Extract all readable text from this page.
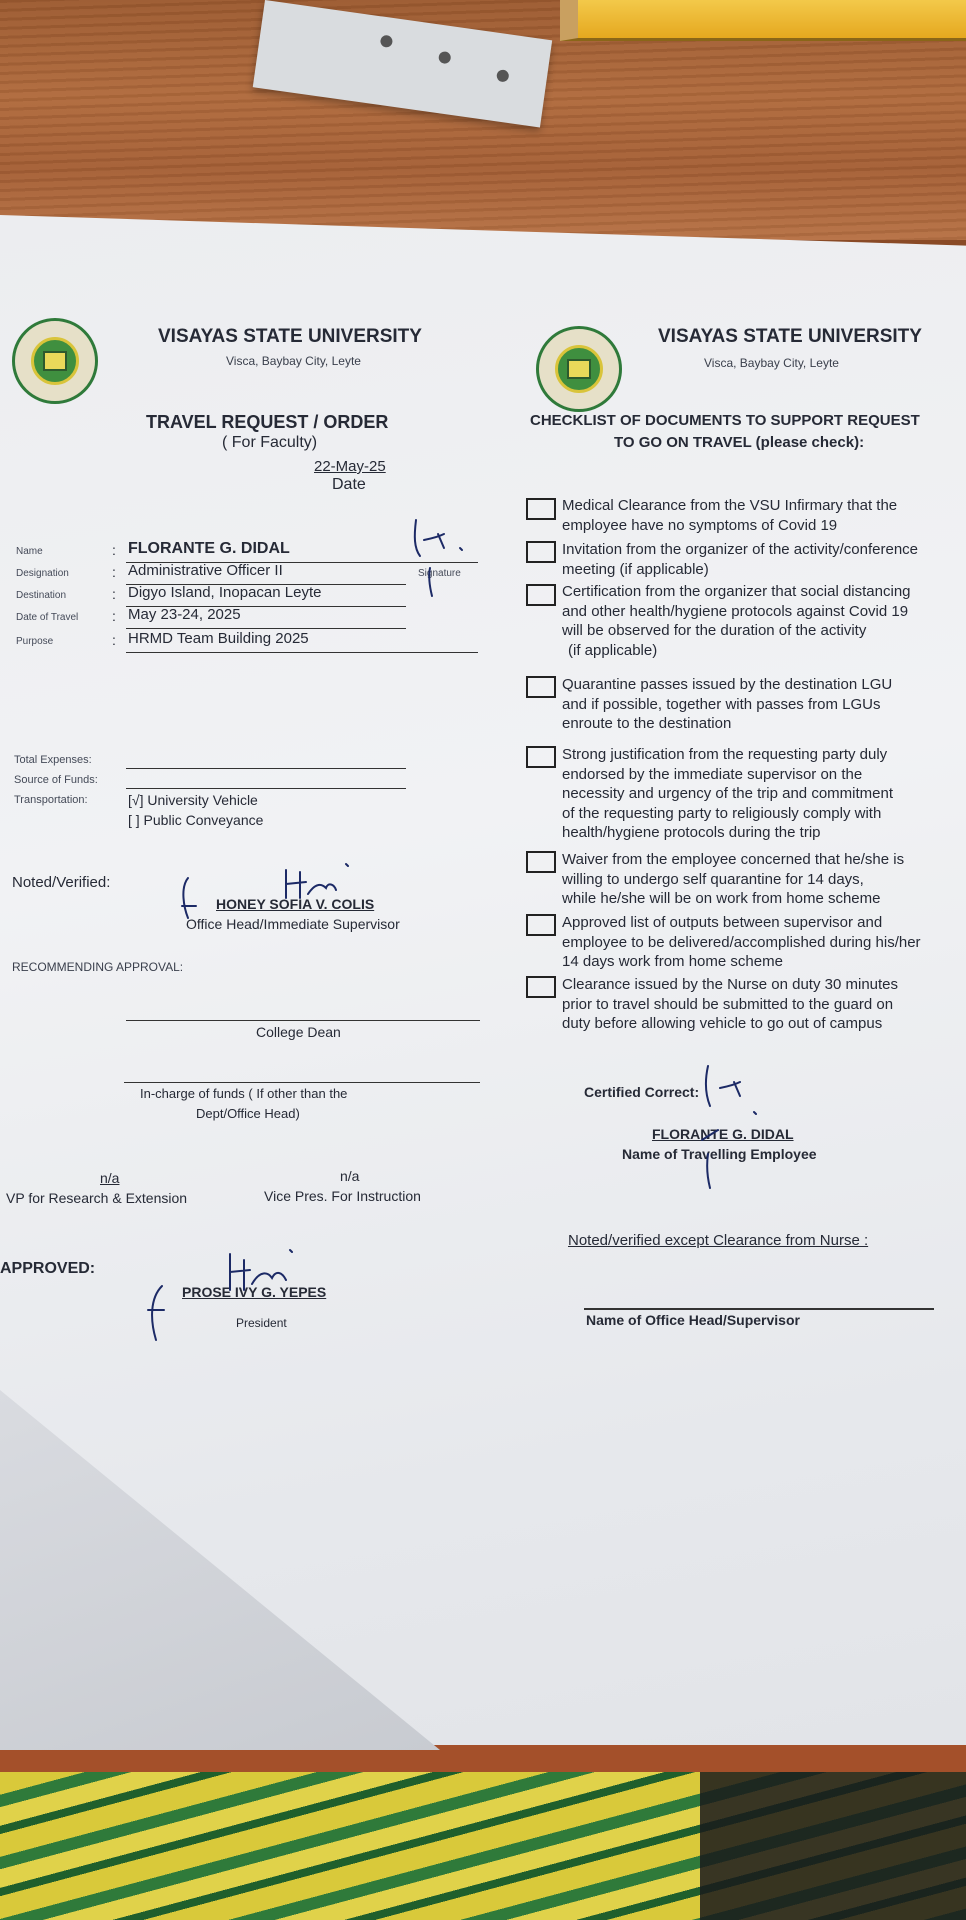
VISAYAS STATE UNIVERSITY
Visca, Baybay City, Leyte
TRAVEL REQUEST / ORDER
( For Faculty)
22-May-25
Date
Name	: FLORANTE G. DIDAL
Signature
Designation	: Administrative Officer II
Destination	: Digyo Island, Inopacan Leyte
Date of Travel : May 23-24, 2025
Purpose	: HRMD Team Building 2025
Total Expenses:
Source of Funds:
Transportation:	[√] University Vehicle
[ ] Public Conveyance
Noted/Verified:
HONEY SOFIA V. COLIS
Office Head/Immediate Supervisor
RECOMMENDING APPROVAL:
College Dean
In-charge of funds ( If other than the
Dept/Office Head)
n/a
VP for Research & Extension
n/a
Vice Pres. For Instruction
APPROVED:
PROSE IVY G. YEPES
President
VISAYAS STATE UNIVERSITY
Visca, Baybay City, Leyte
CHECKLIST OF DOCUMENTS TO SUPPORT REQUEST
TO GO ON TRAVEL (please check):
Medical Clearance from the VSU Infirmary that the
employee have no symptoms of Covid 19
Invitation from the organizer of the activity/conference
meeting (if applicable)
Certification from the organizer that social distancing
and other health/hygiene protocols against Covid 19
will be observed for the duration of the activity
(if applicable)
Quarantine passes issued by the destination LGU
and if possible, together with passes from LGUs
enroute to the destination
Strong justification from the requesting party duly
endorsed by the immediate supervisor on the
necessity and urgency of the trip and commitment
of the requesting party to religiously comply with
health/hygiene protocols during the trip
Waiver from the employee concerned that he/she is
willing to undergo self quarantine for 14 days,
while he/she will be on work from home scheme
Approved list of outputs between supervisor and
employee to be delivered/accomplished during his/her
14 days work from home scheme
Clearance issued by the Nurse on duty 30 minutes
prior to travel should be submitted to the guard on
duty before allowing vehicle to go out of campus
Certified Correct:
FLORANTE G. DIDAL
Name of Travelling Employee
Noted/verified except Clearance from Nurse :
Name of Office Head/Supervisor
